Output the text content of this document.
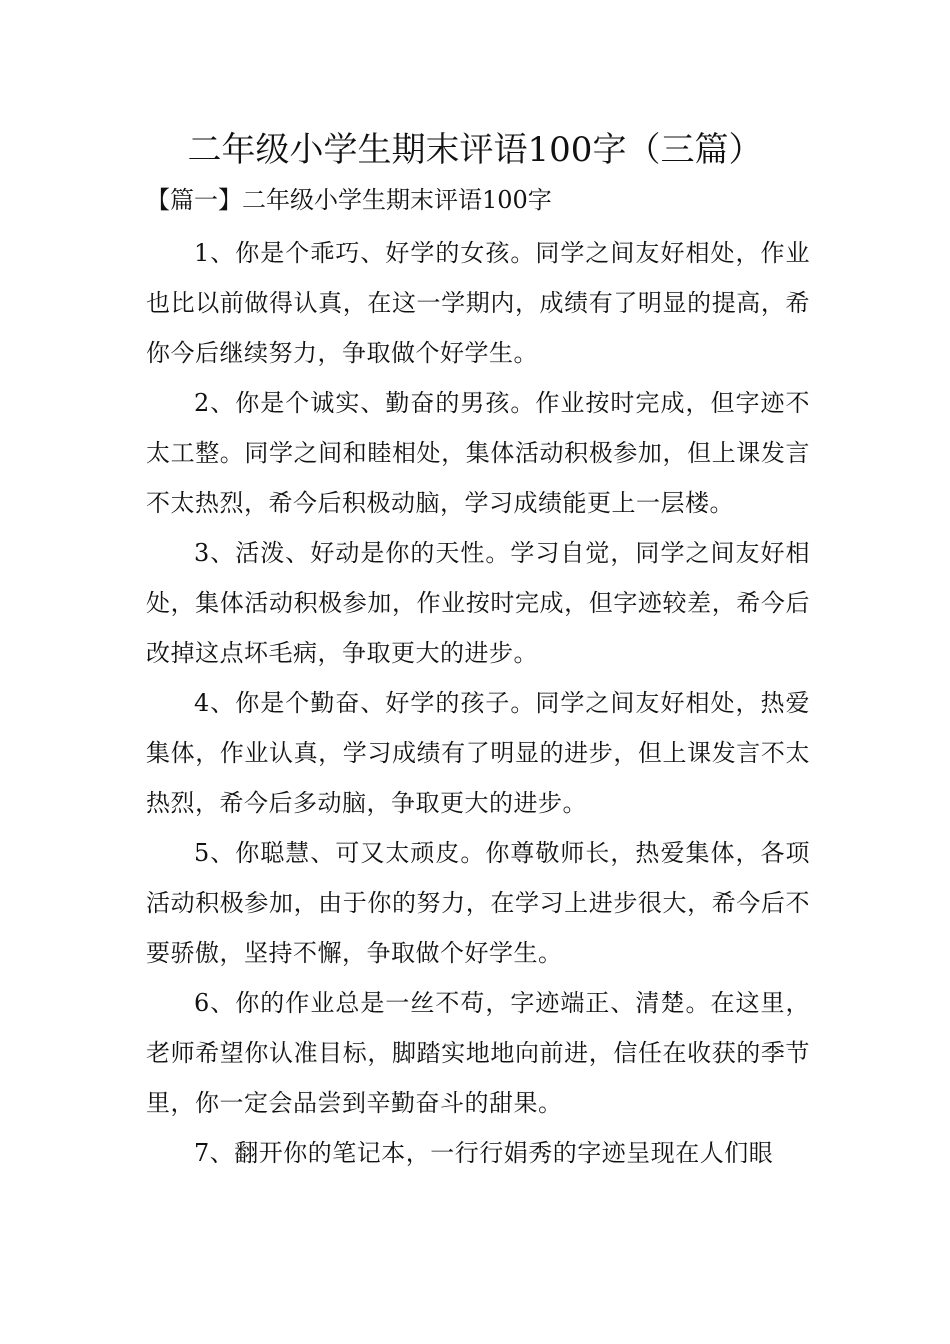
二年级小学生期末评语100字（三篇）
【篇一】二年级小学生期末评语100字

1、你是个乖巧、好学的女孩。同学之间友好相处，作业也比以前做得认真，在这一学期内，成绩有了明显的提高，希你今后继续努力，争取做个好学生。

2、你是个诚实、勤奋的男孩。作业按时完成，但字迹不太工整。同学之间和睦相处，集体活动积极参加，但上课发言不太热烈，希今后积极动脑，学习成绩能更上一层楼。

3、活泼、好动是你的天性。学习自觉，同学之间友好相处，集体活动积极参加，作业按时完成，但字迹较差，希今后改掉这点坏毛病，争取更大的进步。

4、你是个勤奋、好学的孩子。同学之间友好相处，热爱集体，作业认真，学习成绩有了明显的进步，但上课发言不太热烈，希今后多动脑，争取更大的进步。

5、你聪慧、可又太顽皮。你尊敬师长，热爱集体，各项活动积极参加，由于你的努力，在学习上进步很大，希今后不要骄傲，坚持不懈，争取做个好学生。

6、你的作业总是一丝不苟，字迹端正、清楚。在这里，老师希望你认准目标，脚踏实地地向前进，信任在收获的季节里，你一定会品尝到辛勤奋斗的甜果。

7、翻开你的笔记本，一行行娟秀的字迹呈现在人们眼
